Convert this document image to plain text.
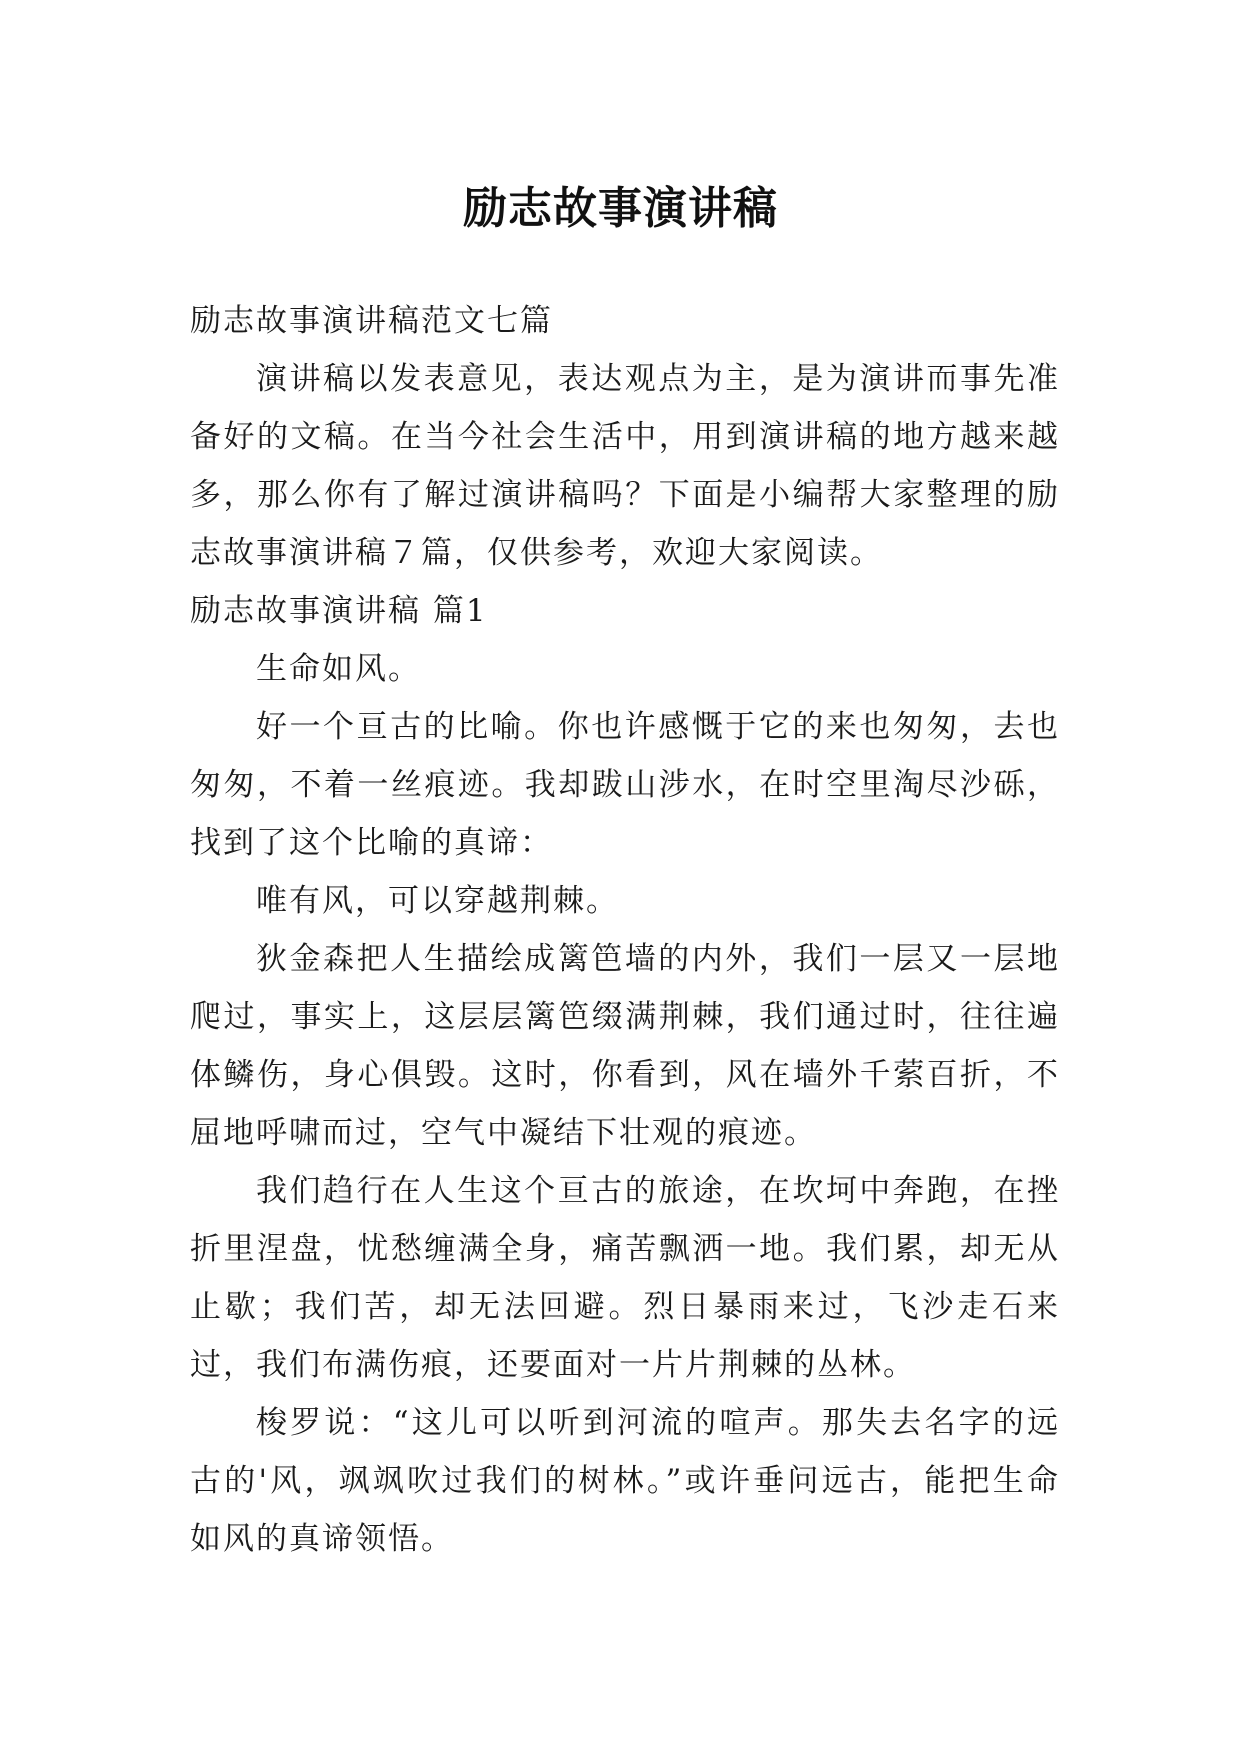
励志故事演讲稿

励志故事演讲稿范文七篇

演讲稿以发表意见，表达观点为主，是为演讲而事先准备好的文稿。在当今社会生活中，用到演讲稿的地方越来越多，那么你有了解过演讲稿吗？下面是小编帮大家整理的励志故事演讲稿７篇，仅供参考，欢迎大家阅读。

励志故事演讲稿 篇1

生命如风。

好一个亘古的比喻。你也许感慨于它的来也匆匆，去也匆匆，不着一丝痕迹。我却跋山涉水，在时空里淘尽沙砾，找到了这个比喻的真谛：

唯有风，可以穿越荆棘。

狄金森把人生描绘成篱笆墙的内外，我们一层又一层地爬过，事实上，这层层篱笆缀满荆棘，我们通过时，往往遍体鳞伤，身心俱毁。这时，你看到，风在墙外千萦百折，不屈地呼啸而过，空气中凝结下壮观的痕迹。

我们趋行在人生这个亘古的旅途，在坎坷中奔跑，在挫折里涅盘，忧愁缠满全身，痛苦飘洒一地。我们累，却无从止歇；我们苦，却无法回避。烈日暴雨来过，飞沙走石来过，我们布满伤痕，还要面对一片片荆棘的丛林。

梭罗说：“这儿可以听到河流的喧声。那失去名字的远古的'风，飒飒吹过我们的树林。”或许垂问远古，能把生命如风的真谛领悟。
